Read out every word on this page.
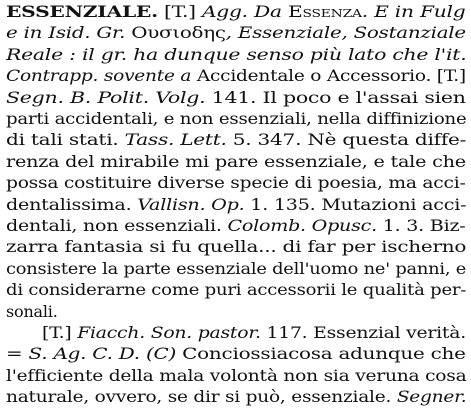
ESSENZIALE. [T.] Agg. Da Essenza. E in Fulg
e in Isid. Gr. Ουσιοδης, Essenziale, Sostanziale
Reale : il gr. ha dunque senso più lato che l'it.
Contrapp. sovente a Accidentale o Accessorio. [T.]
Segn. B. Polit. Volg. 141. Il poco e l'assai sien
parti accidentali, e non essenziali, nella diffinizione
di tali stati. Tass. Lett. 5. 347. Nè questa diffe-
renza del mirabile mi pare essenziale, e tale che
possa costituire diverse specie di poesia, ma acci-
dentalissima. Vallisn. Op. 1. 135. Mutazioni acci-
dentali, non essenziali. Colomb. Opusc. 1. 3. Biz-
zarra fantasia si fu quella... di far per ischerno
consistere la parte essenziale dell'uomo ne' panni, e
di considerarne come puri accessorii le qualità per-
sonali.
[T.] Fiacch. Son. pastor. 117. Essenzial verità.
= S. Ag. C. D. (C) Conciossiacosa adunque che
l'efficiente della mala volontà non sia veruna cosa
naturale, ovvero, se dir si può, essenziale. Segner.
